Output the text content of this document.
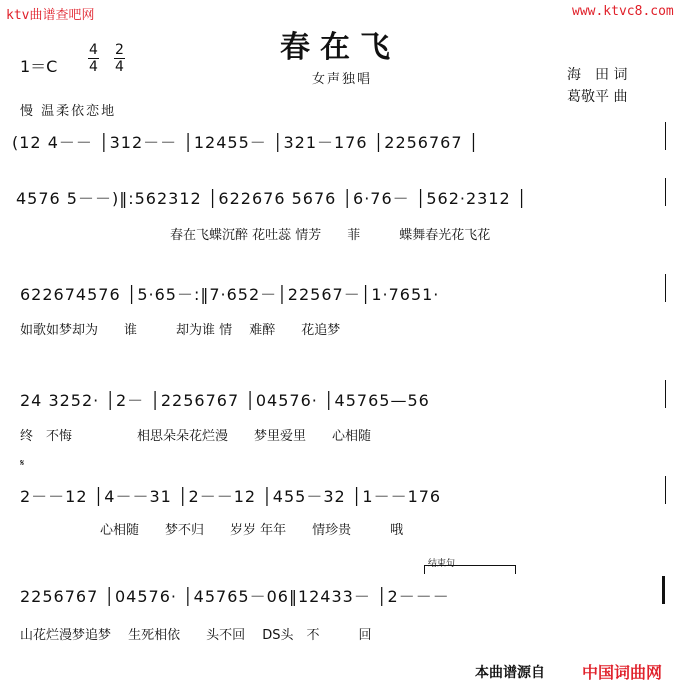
ktv曲谱查吧网	www.ktvc8.com
春在飞
女声独唱
1＝C
4
4
2
4	海　田 词
葛敬平 曲
慢 温柔依恋地
(12 4－－ │312－－ │12455－ │321－176 │2256767 │
4576 5－－)‖:562312 │622676 5676 │6·76－ │562·2312 │
春在飞蝶沉醉 花吐蕊 情芳　　菲　　　蝶舞春光花飞花
622674576 │5·65－:‖7·652－│22567－│1·7651·
如歌如梦却为　　谁　　　却为谁 情　 难醉　　花追梦
24 3252· │2－ │2256767 │04576· │45765—56
终　不悔　　　　　相思朵朵花烂漫　　梦里爱里　　心相随
𝄋
2－－12 │4－－31 │2－－12 │455－32 │1－－176
心相随　　梦不归　　岁岁 年年　　情珍贵　　　哦
结束句
2256767 │04576· │45765－06‖12433－ │2－－－
山花烂漫梦追梦　 生死相依　　头不回　 DS头　不　　　回
本曲谱源自 中国词曲网
